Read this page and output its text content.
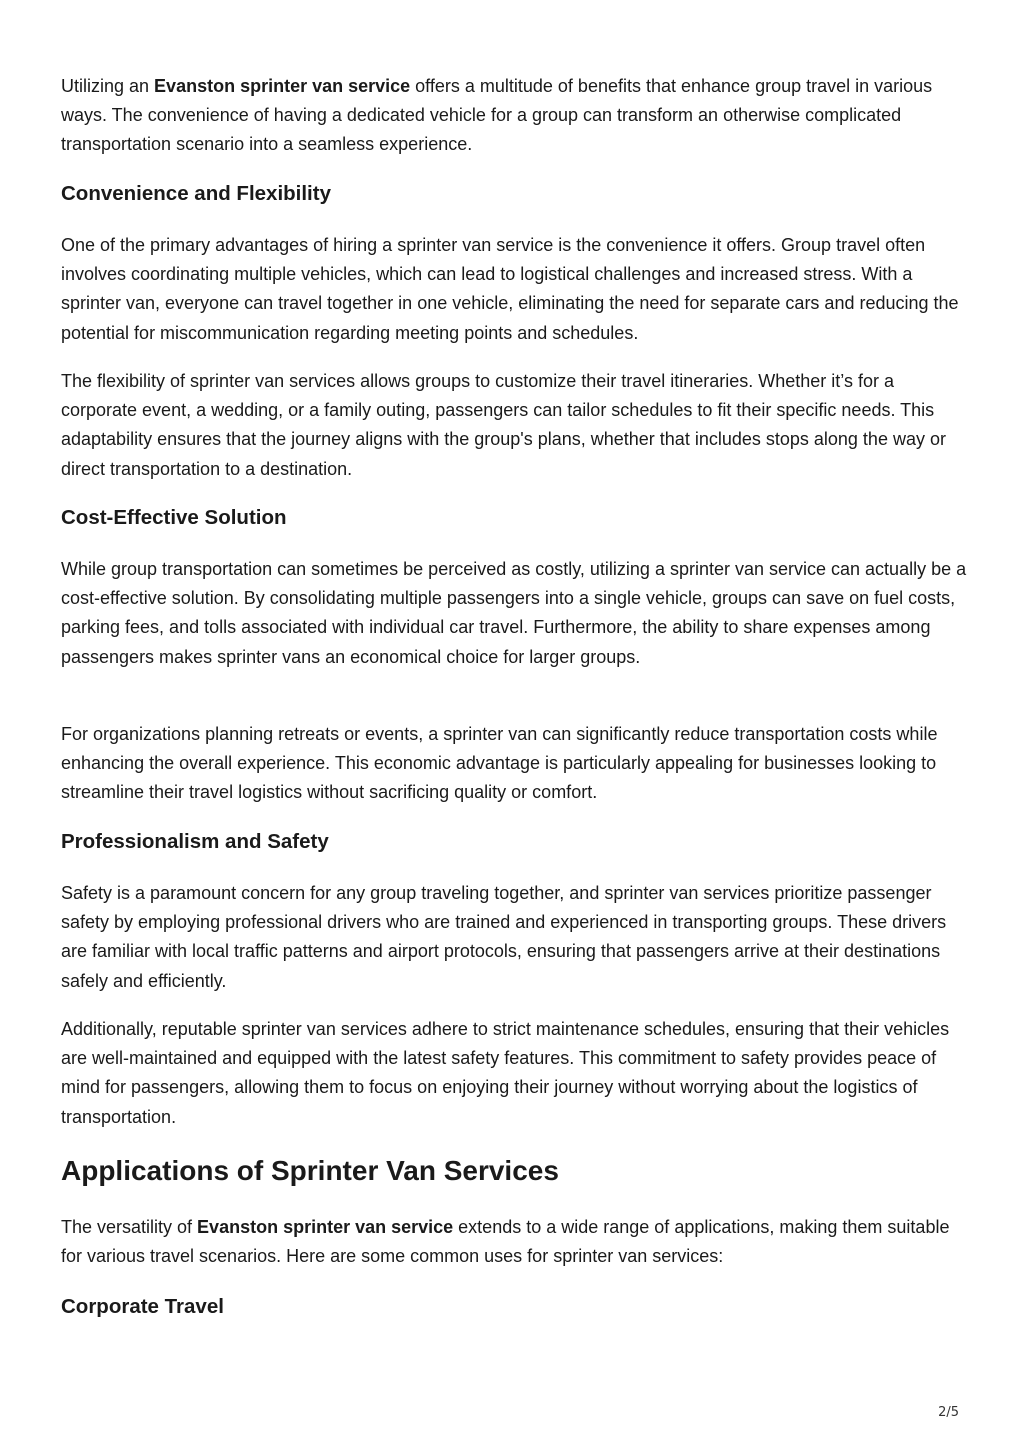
Utilizing an Evanston sprinter van service offers a multitude of benefits that enhance group travel in various ways. The convenience of having a dedicated vehicle for a group can transform an otherwise complicated transportation scenario into a seamless experience.

Convenience and Flexibility

One of the primary advantages of hiring a sprinter van service is the convenience it offers. Group travel often involves coordinating multiple vehicles, which can lead to logistical challenges and increased stress. With a sprinter van, everyone can travel together in one vehicle, eliminating the need for separate cars and reducing the potential for miscommunication regarding meeting points and schedules.

The flexibility of sprinter van services allows groups to customize their travel itineraries. Whether it’s for a corporate event, a wedding, or a family outing, passengers can tailor schedules to fit their specific needs. This adaptability ensures that the journey aligns with the group's plans, whether that includes stops along the way or direct transportation to a destination.

Cost-Effective Solution

While group transportation can sometimes be perceived as costly, utilizing a sprinter van service can actually be a cost-effective solution. By consolidating multiple passengers into a single vehicle, groups can save on fuel costs, parking fees, and tolls associated with individual car travel. Furthermore, the ability to share expenses among passengers makes sprinter vans an economical choice for larger groups.

For organizations planning retreats or events, a sprinter van can significantly reduce transportation costs while enhancing the overall experience. This economic advantage is particularly appealing for businesses looking to streamline their travel logistics without sacrificing quality or comfort.

Professionalism and Safety

Safety is a paramount concern for any group traveling together, and sprinter van services prioritize passenger safety by employing professional drivers who are trained and experienced in transporting groups. These drivers are familiar with local traffic patterns and airport protocols, ensuring that passengers arrive at their destinations safely and efficiently.

Additionally, reputable sprinter van services adhere to strict maintenance schedules, ensuring that their vehicles are well-maintained and equipped with the latest safety features. This commitment to safety provides peace of mind for passengers, allowing them to focus on enjoying their journey without worrying about the logistics of transportation.

Applications of Sprinter Van Services

The versatility of Evanston sprinter van service extends to a wide range of applications, making them suitable for various travel scenarios. Here are some common uses for sprinter van services:

Corporate Travel
2/5
